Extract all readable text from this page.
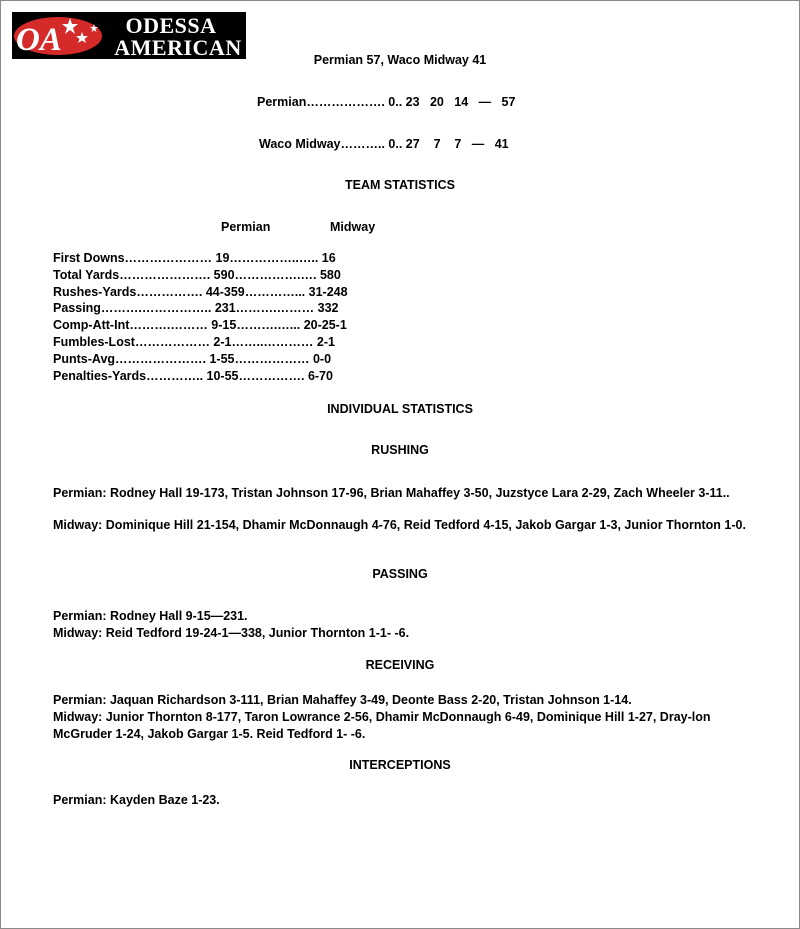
OA	ODESSA
AMERICAN	Permian 57, Waco Midway 41
Permian………………. 0.. 23   20   14   —   57
Waco Midway……….. 0.. 27    7    7   —   41
TEAM STATISTICS
Permian	Midway
First Downs………………… 19……………..….. 16
Total Yards…………………. 590…………….…. 580
Rushes-Yards……………. 44-359…………... 31-248
Passing……….…………….. 231……….……… 332
Comp-Att-Int……….……… 9-15……….…... 20-25-1
Fumbles-Lost……………… 2-1……..………… 2-1
Punts-Avg…………………. 1-55……………… 0-0
Penalties-Yards………….. 10-55……………. 6-70
INDIVIDUAL STATISTICS
RUSHING
Permian: Rodney Hall 19-173, Tristan Johnson 17-96, Brian Mahaffey 3-50, Juzstyce Lara 2-29, Zach Wheeler 3-11..
Midway: Dominique Hill 21-154, Dhamir McDonnaugh 4-76, Reid Tedford 4-15, Jakob Gargar 1-3, Junior Thornton 1-0.
PASSING
Permian: Rodney Hall 9-15—231.
Midway: Reid Tedford 19-24-1—338, Junior Thornton 1-1- -6.
RECEIVING
Permian: Jaquan Richardson 3-111, Brian Mahaffey 3-49, Deonte Bass 2-20, Tristan Johnson 1-14.
Midway: Junior Thornton 8-177, Taron Lowrance 2-56, Dhamir McDonnaugh 6-49, Dominique Hill 1-27, Dray-lon McGruder 1-24, Jakob Gargar 1-5. Reid Tedford 1- -6.
INTERCEPTIONS
Permian: Kayden Baze 1-23.
